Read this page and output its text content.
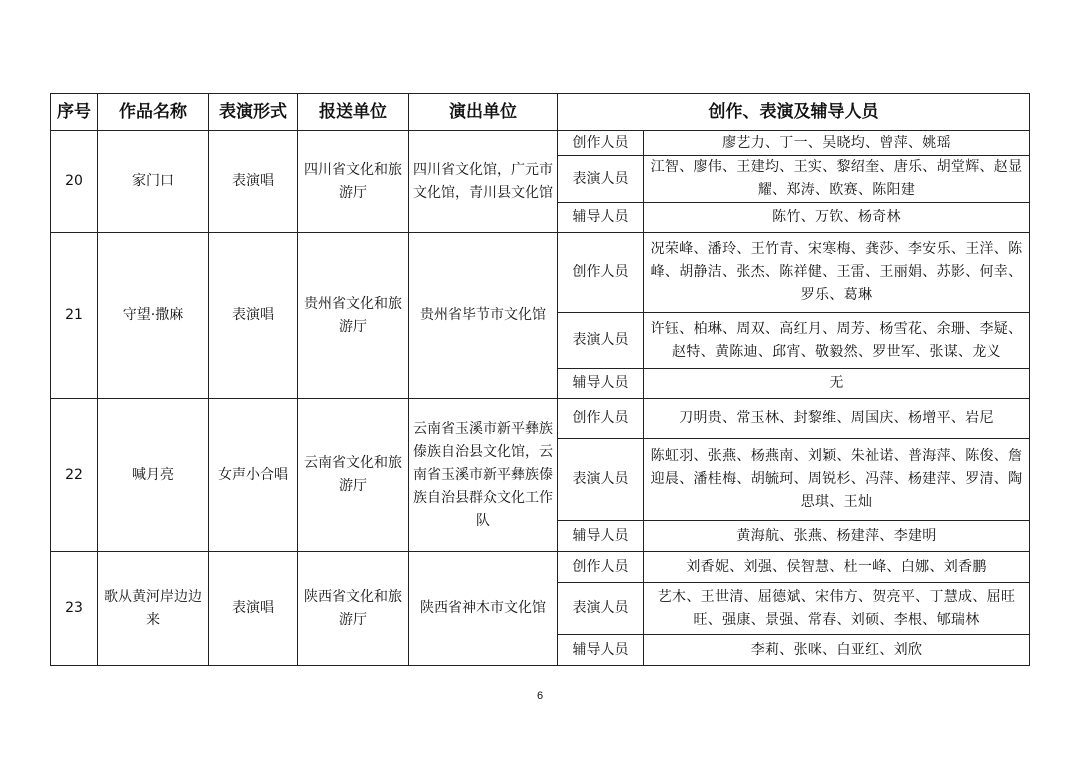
序号	作品名称	表演形式	报送单位	演出单位	创作、表演及辅导人员	
20	家门口	表演唱	四川省文化和旅游厅	四川省文化馆，广元市文化馆，青川县文化馆	创作人员	廖艺力、丁一、吴晓均、曾萍、姚瑶
					表演人员	江智、廖伟、王建均、王实、黎绍奎、唐乐、胡堂辉、赵显耀、郑涛、欧赛、陈阳建
					辅导人员	陈竹、万钦、杨奇林
21	守望·撒麻	表演唱	贵州省文化和旅游厅	贵州省毕节市文化馆	创作人员	况荣峰、潘玲、王竹青、宋寒梅、龚莎、李安乐、王洋、陈峰、胡静洁、张杰、陈祥健、王雷、王丽娟、苏影、何幸、罗乐、葛琳
					表演人员	许钰、柏琳、周双、高红月、周芳、杨雪花、余珊、李疑、赵特、黄陈迪、邱宵、敬毅然、罗世军、张谋、龙义
					辅导人员	无
22	喊月亮	女声小合唱	云南省文化和旅游厅	云南省玉溪市新平彝族傣族自治县文化馆，云南省玉溪市新平彝族傣族自治县群众文化工作队	创作人员	刀明贵、常玉林、封黎维、周国庆、杨增平、岩尼
					表演人员	陈虹羽、张燕、杨燕南、刘颖、朱祉诺、普海萍、陈俊、詹迎晨、潘桂梅、胡毓珂、周锐杉、冯萍、杨建萍、罗清、陶思琪、王灿
					辅导人员	黄海航、张燕、杨建萍、李建明
23	歌从黄河岸边边来	表演唱	陕西省文化和旅游厅	陕西省神木市文化馆	创作人员	刘香妮、刘强、侯智慧、杜一峰、白娜、刘香鹏
					表演人员	艺木、王世清、屈德斌、宋伟方、贺亮平、丁慧成、屈旺旺、强康、景强、常春、刘硕、李根、郇瑞林
					辅导人员	李莉、张咪、白亚红、刘欣
6
